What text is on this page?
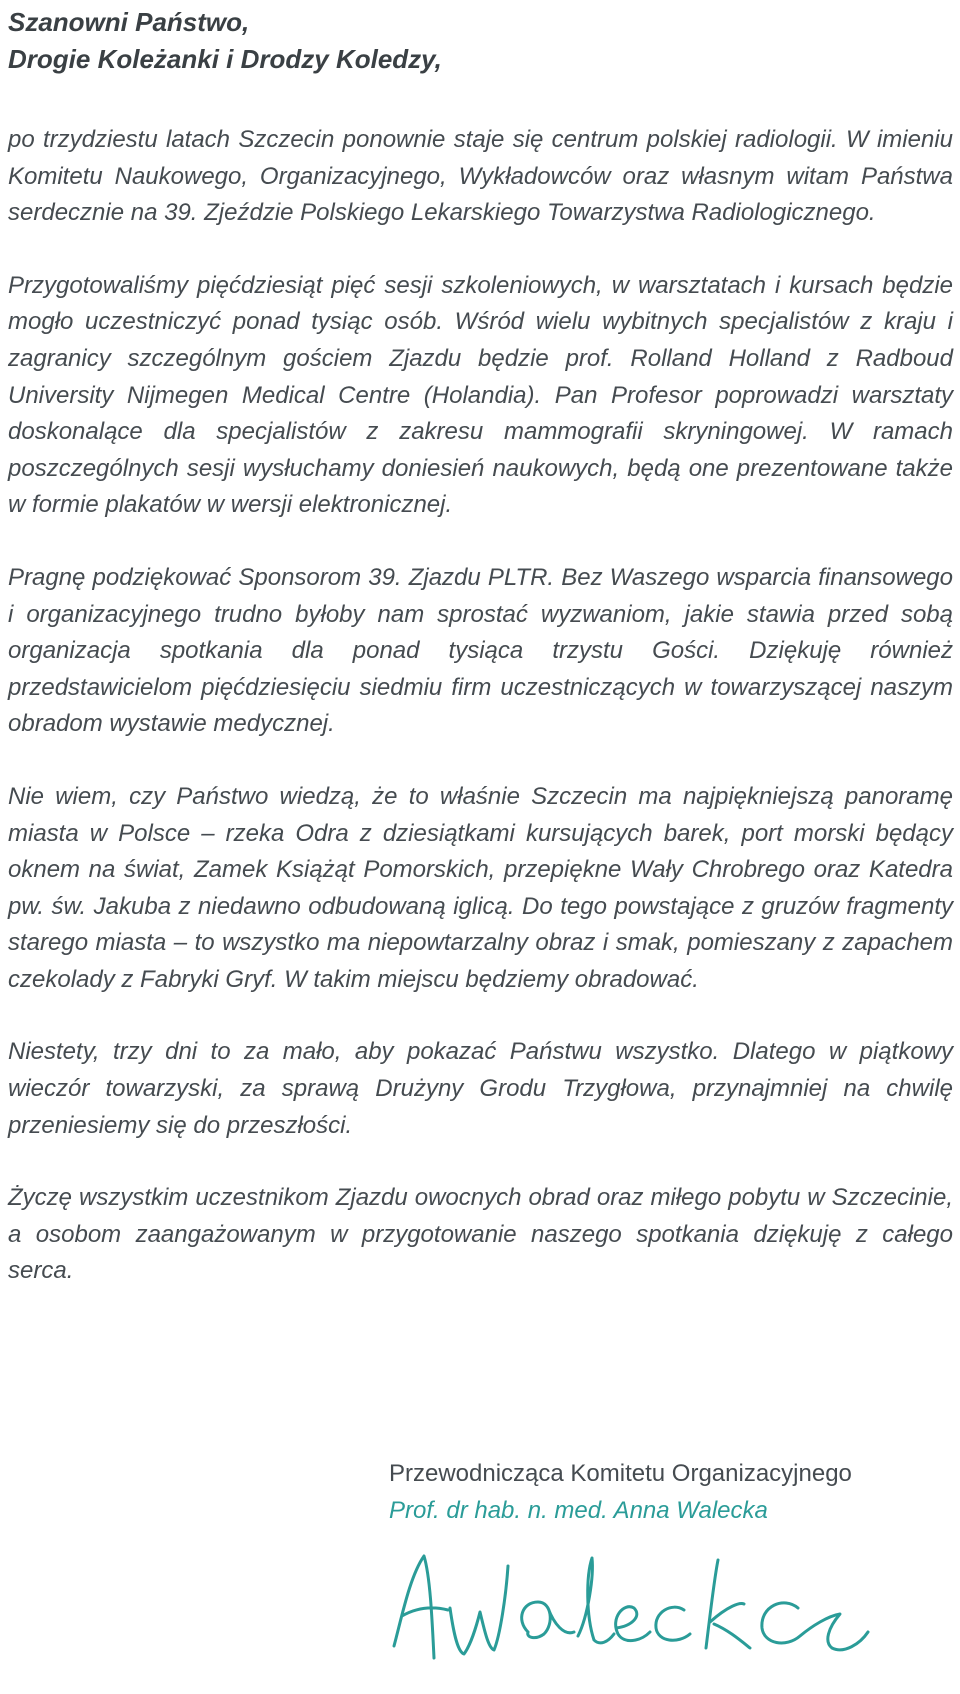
Szanowni Państwo,
Drogie Koleżanki i Drodzy Koledzy,

po trzydziestu latach Szczecin ponownie staje się centrum polskiej radiologii. W imieniu Komitetu Naukowego, Organizacyjnego, Wykładowców oraz własnym witam Państwa serdecznie na 39. Zjeździe Polskiego Lekarskiego Towarzystwa Radiologicznego.

Przygotowaliśmy pięćdziesiąt pięć sesji szkoleniowych, w warsztatach i kursach będzie mogło uczestniczyć ponad tysiąc osób. Wśród wielu wybitnych specjalistów z kraju i zagranicy szczególnym gościem Zjazdu będzie prof. Rolland Holland z Radboud University Nijmegen Medical Centre (Holandia). Pan Profesor poprowadzi warsztaty doskonalące dla specjalistów z zakresu mammografii skryningowej. W ramach poszczególnych sesji wysłuchamy doniesień naukowych, będą one prezentowane także w formie plakatów w wersji elektronicznej.

Pragnę podziękować Sponsorom 39. Zjazdu PLTR. Bez Waszego wsparcia finansowego i organizacyjnego trudno byłoby nam sprostać wyzwaniom, jakie stawia przed sobą organizacja spotkania dla ponad tysiąca trzystu Gości. Dziękuję również przedstawicielom pięćdziesięciu siedmiu firm uczestniczących w towarzyszącej naszym obradom wystawie medycznej.

Nie wiem, czy Państwo wiedzą, że to właśnie Szczecin ma najpiękniejszą panoramę miasta w Polsce – rzeka Odra z dziesiątkami kursujących barek, port morski będący oknem na świat, Zamek Książąt Pomorskich, przepiękne Wały Chrobrego oraz Katedra pw. św. Jakuba z niedawno odbudowaną iglicą. Do tego powstające z gruzów fragmenty starego miasta – to wszystko ma niepowtarzalny obraz i smak, pomieszany z zapachem czekolady z Fabryki Gryf. W takim miejscu będziemy obradować.

Niestety, trzy dni to za mało, aby pokazać Państwu wszystko. Dlatego w piątkowy wieczór towarzyski, za sprawą Drużyny Grodu Trzygłowa, przynajmniej na chwilę przeniesiemy się do przeszłości.

Życzę wszystkim uczestnikom Zjazdu owocnych obrad oraz miłego pobytu w Szczecinie, a osobom zaangażowanym w przygotowanie naszego spotkania dziękuję z całego serca.

Przewodnicząca Komitetu Organizacyjnego

Prof. dr hab. n. med. Anna Walecka
